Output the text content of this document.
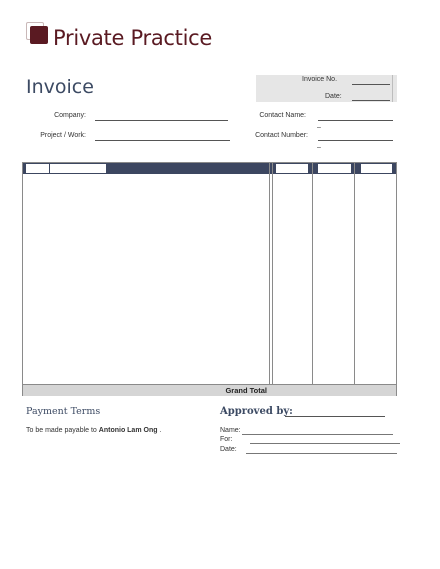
Private Practice
Invoice	Invoice No.
Date:
Company:
Project / Work:
Contact Name:
–
Contact Number:
–
Grand Total
Payment Terms
To be made payable to Antonio Lam Ong .
Approved by:
Name:
For:
Date:
